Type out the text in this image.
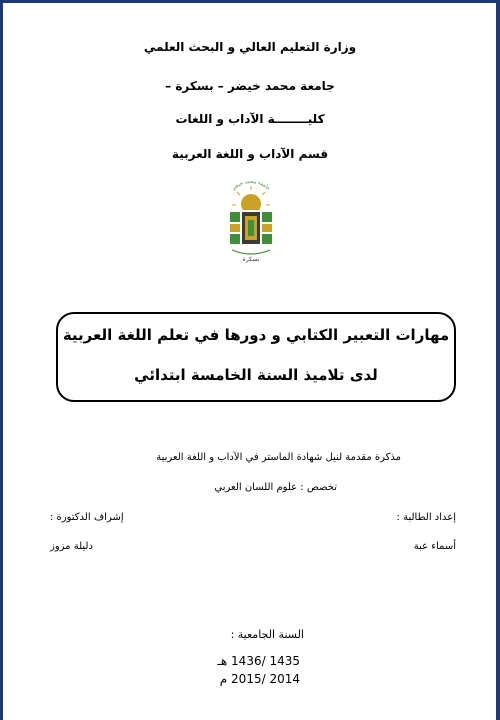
وزارة التعليم العالي و البحث العلمي
جامعة محمد خيضر – بسكرة –
كليــــــــة الآداب و اللغات
قسم الآداب و اللغة العربية
جامعة محمد خيضر
بسكرة
مهارات التعبير الكتابي و دورها في تعلم اللغة العربية
لدى تلاميذ السنة الخامسة ابتدائي
مذكرة مقدمة لنيل شهادة الماستر في الآداب و اللغة العربية
تخصص : علوم اللسان العربي
إعداد الطالبة :
إشراف الدكتورة :
أسماء عبة
دليلة مزوز
السنة الجامعية :
1435 /1436 هـ
2014 /2015 م
